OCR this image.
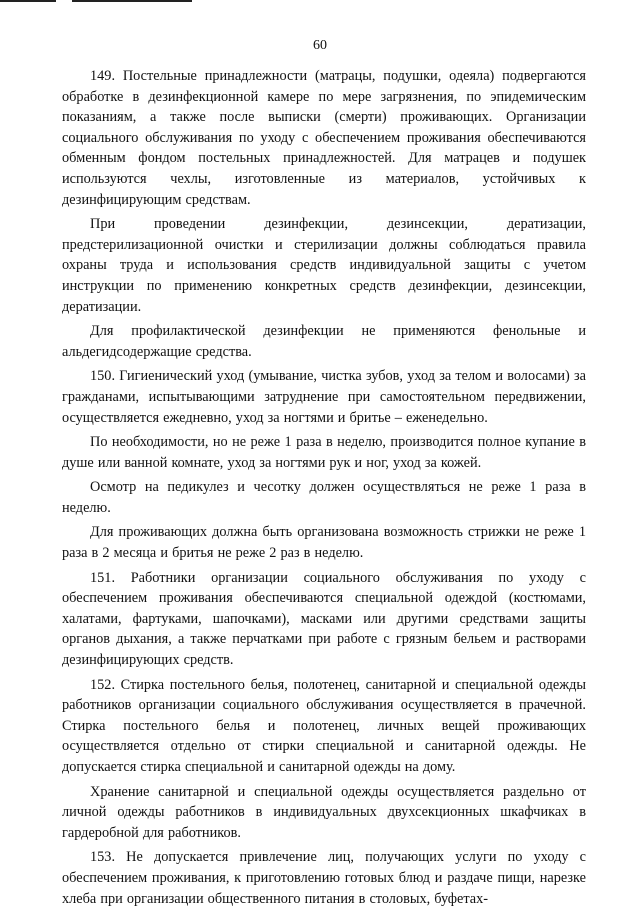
60

149. Постельные принадлежности (матрацы, подушки, одеяла) подвергаются обработке в дезинфекционной камере по мере загрязнения, по эпидемическим показаниям, а также после выписки (смерти) проживающих. Организации социального обслуживания по уходу с обеспечением проживания обеспечиваются обменным фондом постельных принадлежностей. Для матрацев и подушек используются чехлы, изготовленные из материалов, устойчивых к дезинфицирующим средствам.

При проведении дезинфекции, дезинсекции, дератизации, предстерилизационной очистки и стерилизации должны соблюдаться правила охраны труда и использования средств индивидуальной защиты с учетом инструкции по применению конкретных средств дезинфекции, дезинсекции, дератизации.

Для профилактической дезинфекции не применяются фенольные и альдегидсодержащие средства.

150. Гигиенический уход (умывание, чистка зубов, уход за телом и волосами) за гражданами, испытывающими затруднение при самостоятельном передвижении, осуществляется ежедневно, уход за ногтями и бритье – еженедельно.

По необходимости, но не реже 1 раза в неделю, производится полное купание в душе или ванной комнате, уход за ногтями рук и ног, уход за кожей.

Осмотр на педикулез и чесотку должен осуществляться не реже 1 раза в неделю.

Для проживающих должна быть организована возможность стрижки не реже 1 раза в 2 месяца и бритья не реже 2 раз в неделю.

151. Работники организации социального обслуживания по уходу с обеспечением проживания обеспечиваются специальной одеждой (костюмами, халатами, фартуками, шапочками), масками или другими средствами защиты органов дыхания, а также перчатками при работе с грязным бельем и растворами дезинфицирующих средств.

152. Стирка постельного белья, полотенец, санитарной и специальной одежды работников организации социального обслуживания осуществляется в прачечной. Стирка постельного белья и полотенец, личных вещей проживающих осуществляется отдельно от стирки специальной и санитарной одежды. Не допускается стирка специальной и санитарной одежды на дому.

Хранение санитарной и специальной одежды осуществляется раздельно от личной одежды работников в индивидуальных двухсекционных шкафчиках в гардеробной для работников.

153. Не допускается привлечение лиц, получающих услуги по уходу с обеспечением проживания, к приготовлению готовых блюд и раздаче пищи, нарезке хлеба при организации общественного питания в столовых, буфетах-
